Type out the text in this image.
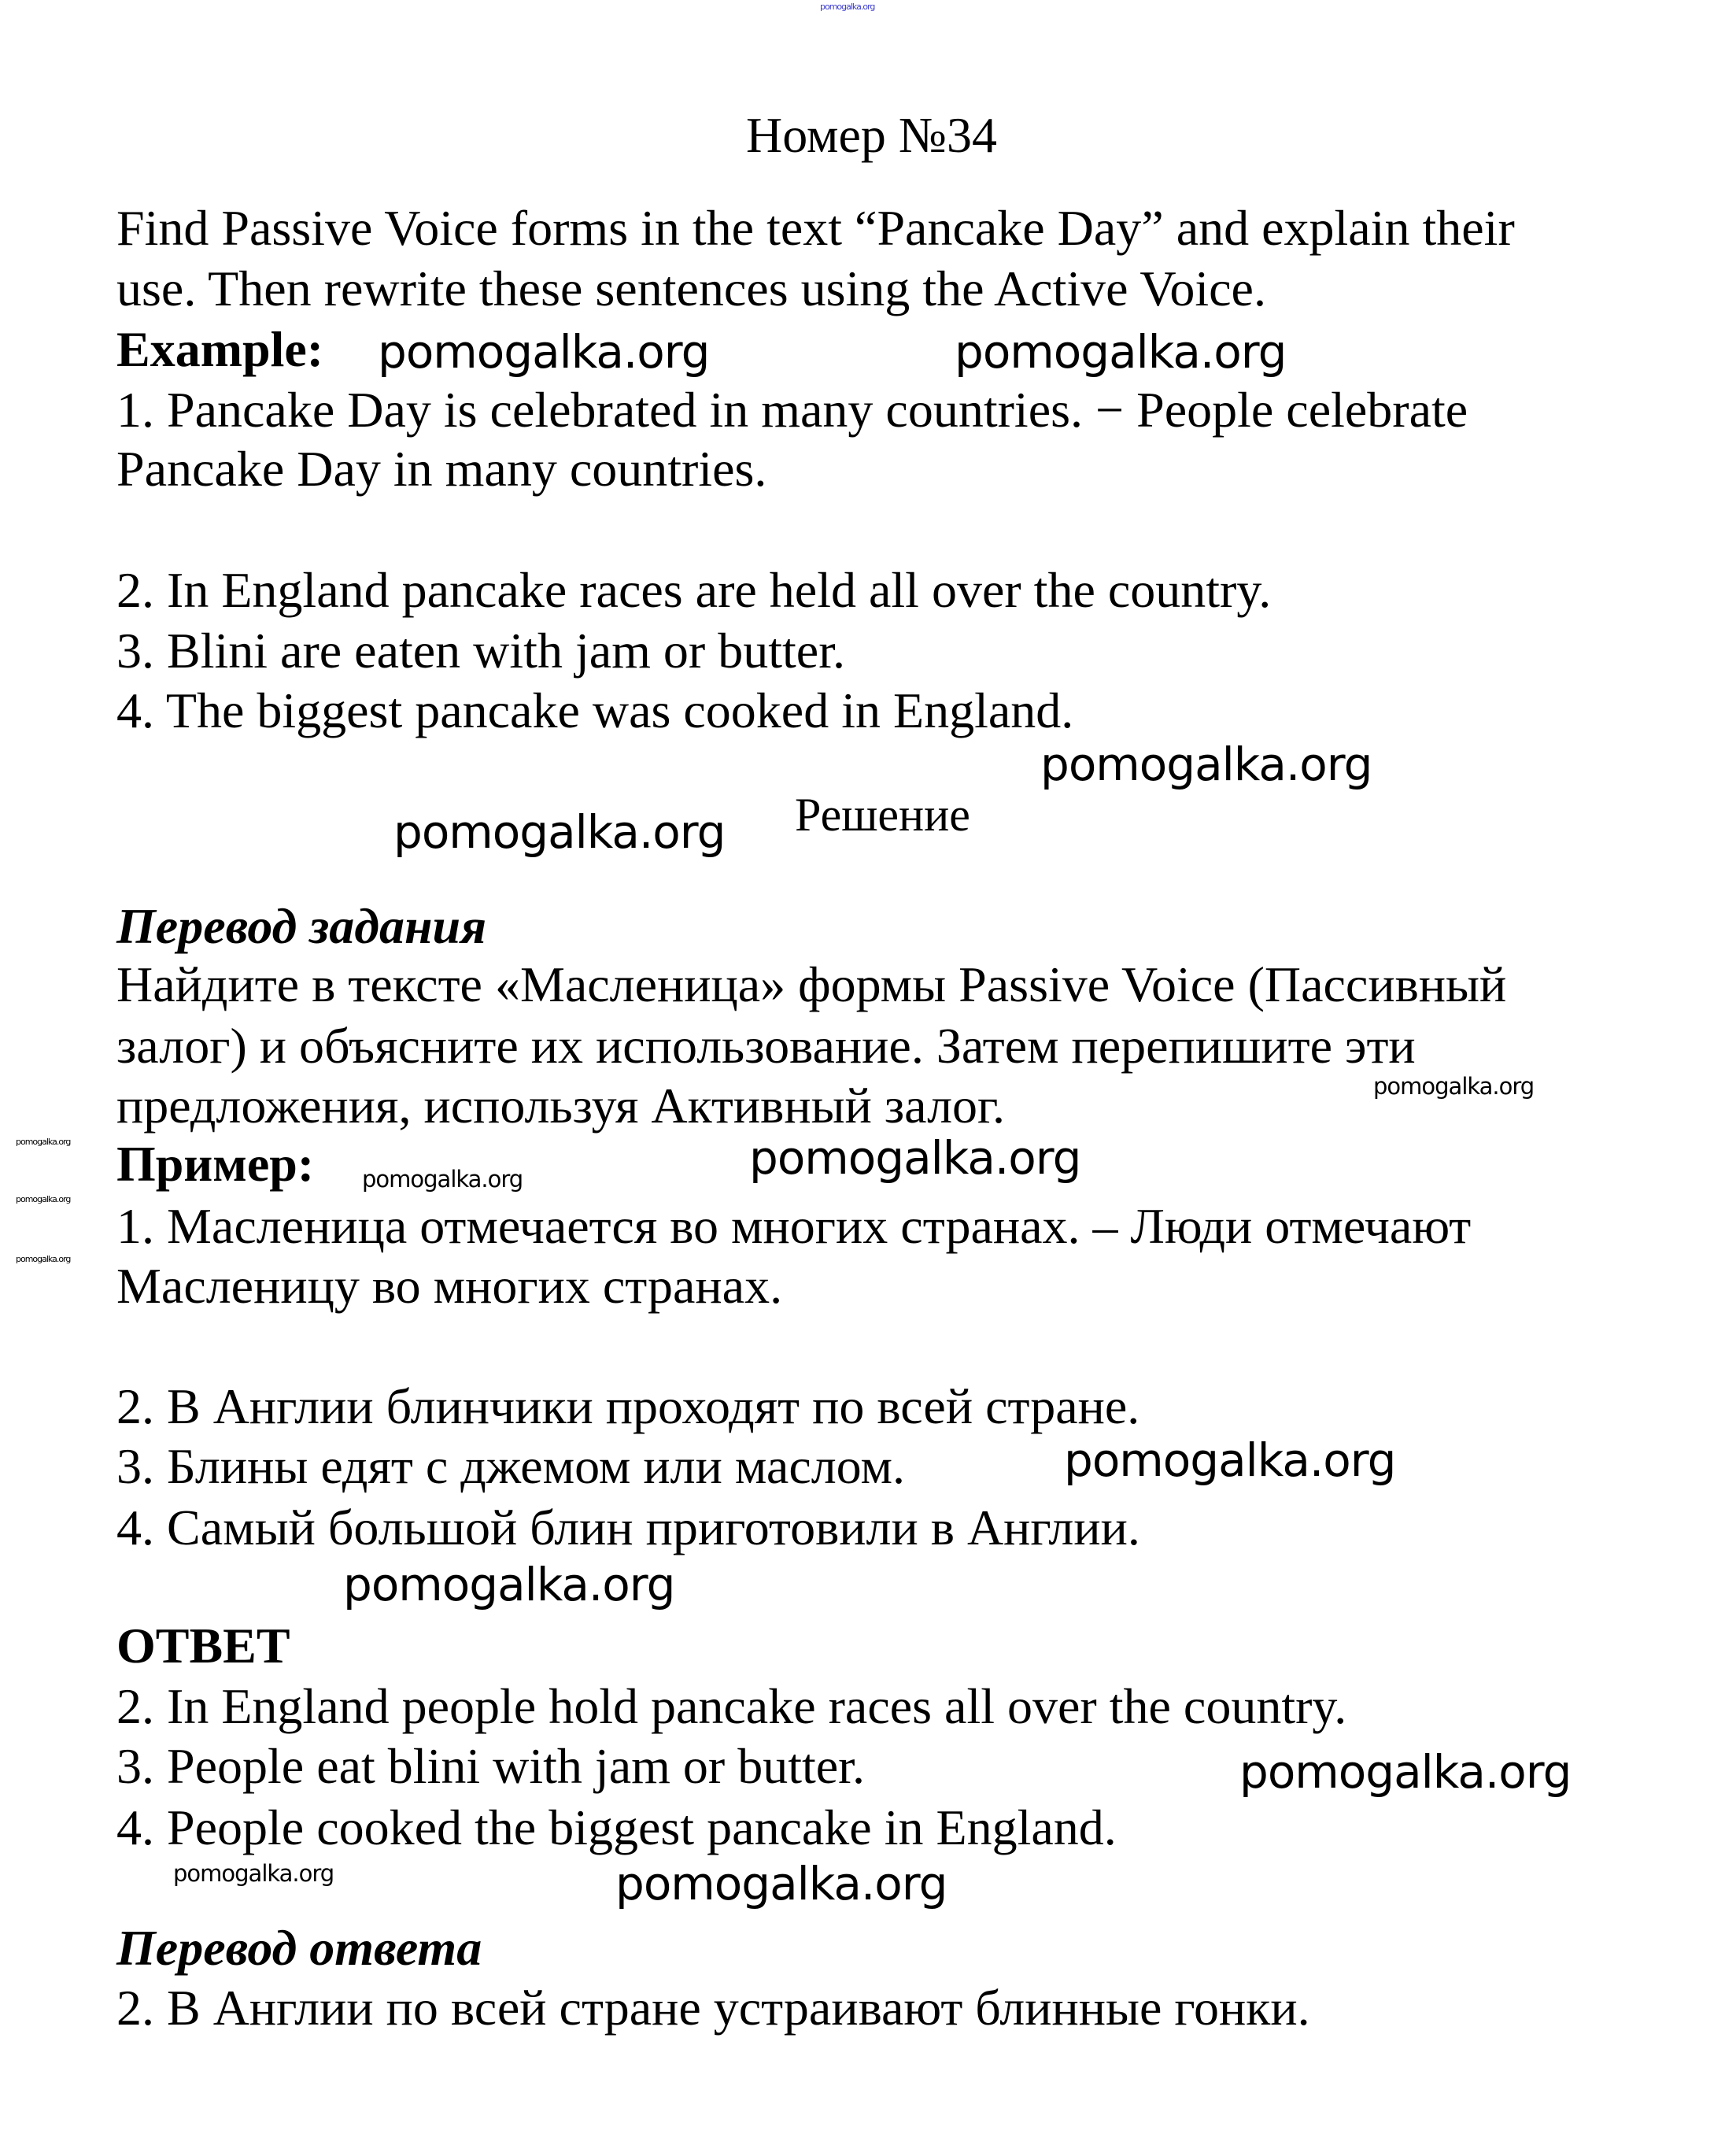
pomogalka.org
Номер №34
Find Passive Voice forms in the text “Pancake Day” and explain their
use. Then rewrite these sentences using the Active Voice.
Example:
1. Pancake Day is celebrated in many countries. − People celebrate
Pancake Day in many countries.
2. In England pancake races are held all over the country.
3. Blini are eaten with jam or butter.
4. The biggest pancake was cooked in England.
Решение
Перевод задания
Найдите в тексте «Масленица» формы Passive Voice (Пассивный
залог) и объясните их использование. Затем перепишите эти
предложения, используя Активный залог.
Пример:
1. Масленица отмечается во многих странах. – Люди отмечают
Масленицу во многих странах.
2. В Англии блинчики проходят по всей стране.
3. Блины едят с джемом или маслом.
4. Самый большой блин приготовили в Англии.
ОТВЕТ
2. In England people hold pancake races all over the country.
3. People eat blini with jam or butter.
4. People cooked the biggest pancake in England.
Перевод ответа
2. В Англии по всей стране устраивают блинные гонки.
pomogalka.org	pomogalka.org
pomogalka.org
pomogalka.org
pomogalka.org
pomogalka.org
pomogalka.org
pomogalka.org
pomogalka.org
pomogalka.org
pomogalka.org	pomogalka.org
pomogalka.org
pomogalka.org
pomogalka.org
